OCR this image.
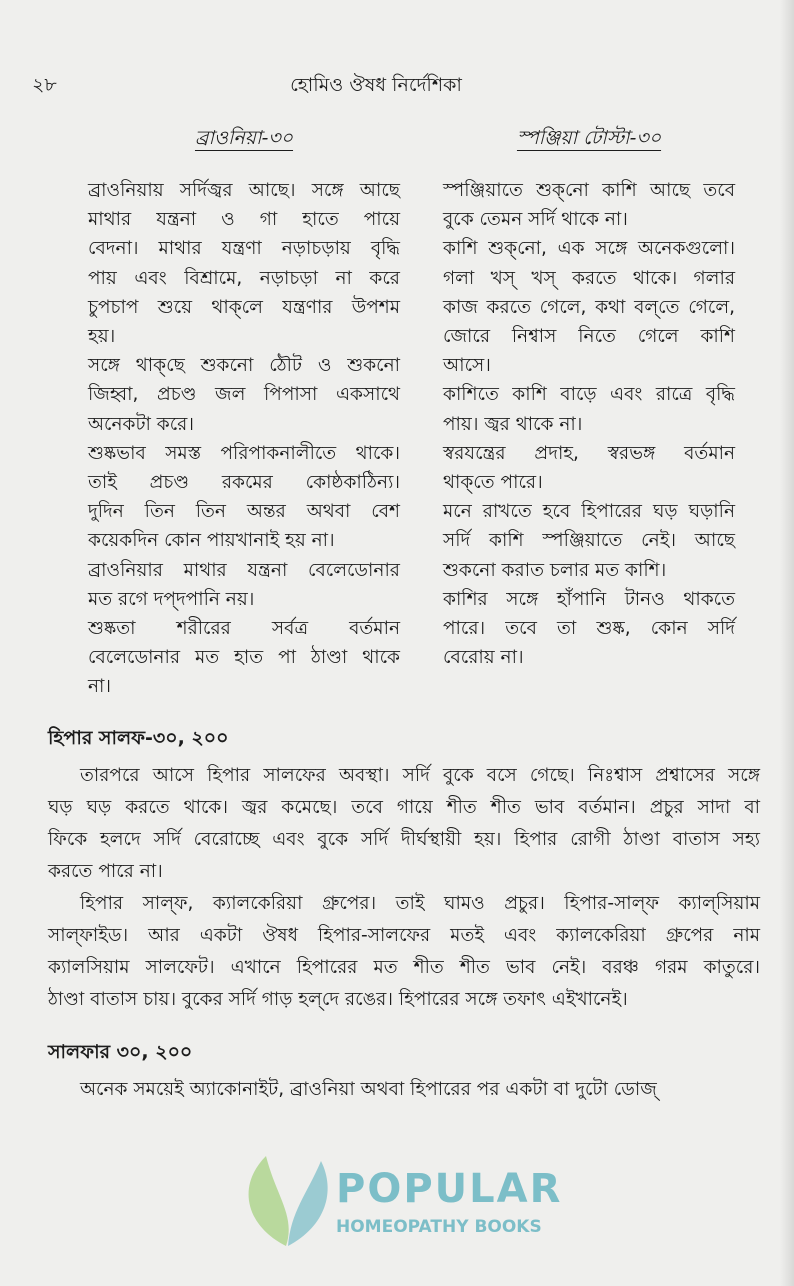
২৮	হোমিও ঔষধ নির্দেশিকা
ব্রাওনিয়া-৩০
ব্রাওনিয়ায় সর্দিজ্বর আছে। সঙ্গে আছে
মাথার যন্ত্রনা ও গা হাতে পায়ে
বেদনা। মাথার যন্ত্রণা নড়াচড়ায় বৃদ্ধি
পায় এবং বিশ্রামে, নড়াচড়া না করে
চুপচাপ শুয়ে থাক্‌লে যন্ত্রণার উপশম
হয়।
সঙ্গে থাক্‌ছে শুকনো ঠৌট ও শুকনো
জিহ্বা, প্রচণ্ড জল পিপাসা একসাথে
অনেকটা করে।
শুষ্কভাব সমস্ত পরিপাকনালীতে থাকে।
তাই প্রচণ্ড রকমের কোষ্ঠকাঠিন্য।
দুদিন তিন তিন অন্তর অথবা বেশ
কয়েকদিন কোন পায়খানাই হয় না।
ব্রাওনিয়ার মাথার যন্ত্রনা বেলেডোনার
মত রগে দপ্‌দপানি নয়।
শুষ্কতা শরীরের সর্বত্র বর্তমান
বেলেডোনার মত হাত পা ঠাণ্ডা থাকে
না।
স্পঞ্জিয়া টোস্টা-৩০
স্পঞ্জিয়াতে শুক্‌নো কাশি আছে তবে
বুকে তেমন সর্দি থাকে না।
কাশি শুক্‌নো, এক সঙ্গে অনেকগুলো।
গলা খস্‌ খস্‌ করতে থাকে। গলার
কাজ করতে গেলে, কথা বল্‌তে গেলে,
জোরে নিশ্বাস নিতে গেলে কাশি
আসে।
কাশিতে কাশি বাড়ে এবং রাত্রে বৃদ্ধি
পায়। জ্বর থাকে না।
স্বরযন্ত্রের প্রদাহ, স্বরভঙ্গ বর্তমান
থাক্‌তে পারে।
মনে রাখতে হবে হিপারের ঘড় ঘড়ানি
সর্দি কাশি স্পঞ্জিয়াতে নেই। আছে
শুকনো করাত চলার মত কাশি।
কাশির সঙ্গে হাঁপানি টানও থাকতে
পারে। তবে তা শুষ্ক, কোন সর্দি
বেরোয় না।
হিপার সালফ-৩০, ২০০
তারপরে আসে হিপার সালফের অবস্থা। সর্দি বুকে বসে গেছে। নিঃশ্বাস প্রশ্বাসের সঙ্গে
ঘড় ঘড় করতে থাকে। জ্বর কমেছে। তবে গায়ে শীত শীত ভাব বর্তমান। প্রচুর সাদা বা
ফিকে হলদে সর্দি বেরোচ্ছে এবং বুকে সর্দি দীর্ঘস্থায়ী হয়। হিপার রোগী ঠাণ্ডা বাতাস সহ্য
করতে পারে না।
হিপার সাল্‌ফ, ক্যালকেরিয়া গ্রুপের। তাই ঘামও প্রচুর। হিপার-সাল্‌ফ ক্যাল্‌সিয়াম
সাল্‌ফাইড। আর একটা ঔষধ হিপার-সালফের মতই এবং ক্যালকেরিয়া গ্রুপের নাম
ক্যালসিয়াম সালফেট। এখানে হিপারের মত শীত শীত ভাব নেই। বরঞ্চ গরম কাতুরে।
ঠাণ্ডা বাতাস চায়। বুকের সর্দি গাড় হল্‌দে রঙের। হিপারের সঙ্গে তফাৎ এইখানেই।
সালফার ৩০, ২০০
অনেক সময়েই অ্যাকোনাইট, ব্রাওনিয়া অথবা হিপারের পর একটা বা দুটো ডোজ্‌
POPULAR
HOMEOPATHY BOOKS
